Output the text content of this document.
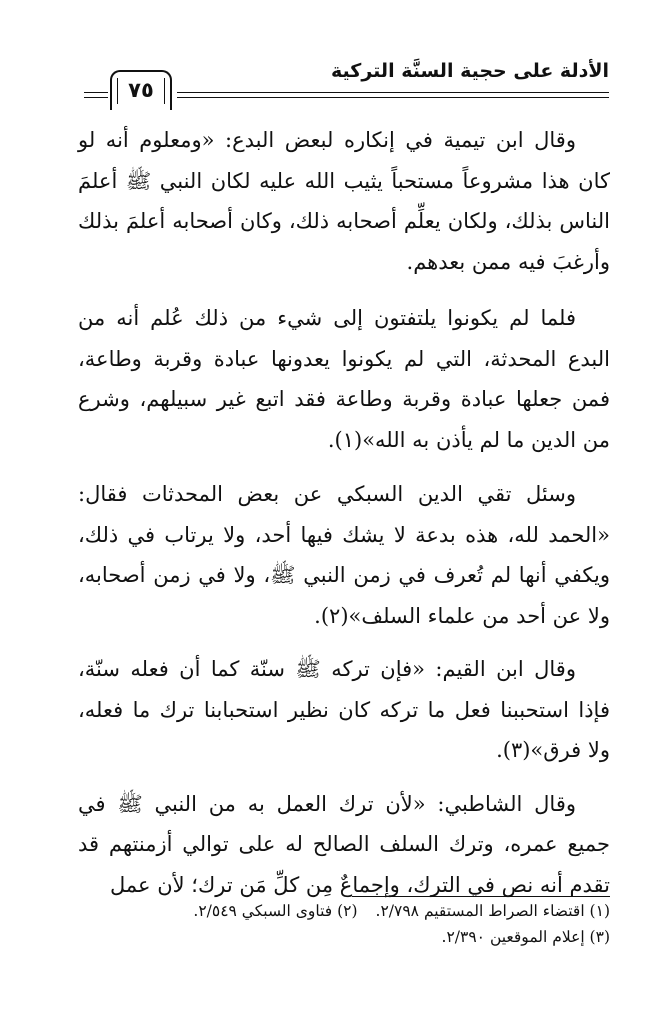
الأدلة على حجية السنَّة التركية
٧٥

وقال ابن تيمية في إنكاره لبعض البدع: «ومعلوم أنه لو كان هذا مشروعاً مستحباً يثيب الله عليه لكان النبي ﷺ أعلمَ الناس بذلك، ولكان يعلِّم أصحابه ذلك، وكان أصحابه أعلمَ بذلك وأرغبَ فيه ممن بعدهم.

فلما لم يكونوا يلتفتون إلى شيء من ذلك عُلم أنه من البدع المحدثة، التي لم يكونوا يعدونها عبادة وقربة وطاعة، فمن جعلها عبادة وقربة وطاعة فقد اتبع غير سبيلهم، وشرع من الدين ما لم يأذن به الله»(١).

وسئل تقي الدين السبكي عن بعض المحدثات فقال: «الحمد لله، هذه بدعة لا يشك فيها أحد، ولا يرتاب في ذلك، ويكفي أنها لم تُعرف في زمن النبي ﷺ، ولا في زمن أصحابه، ولا عن أحد من علماء السلف»(٢).

وقال ابن القيم: «فإن تركه ﷺ سنّة كما أن فعله سنّة، فإذا استحببنا فعل ما تركه كان نظير استحبابنا ترك ما فعله، ولا فرق»(٣).

وقال الشاطبي: «لأن ترك العمل به من النبي ﷺ في جميع عمره، وترك السلف الصالح له على توالي أزمنتهم قد تقدم أنه نص في الترك، وإجماعٌ مِن كلِّ مَن ترك؛ لأن عمل

(١) اقتضاء الصراط المستقيم ٢/٧٩٨.(٢) فتاوى السبكي ٢/٥٤٩.

(٣) إعلام الموقعين ٢/٣٩٠.
